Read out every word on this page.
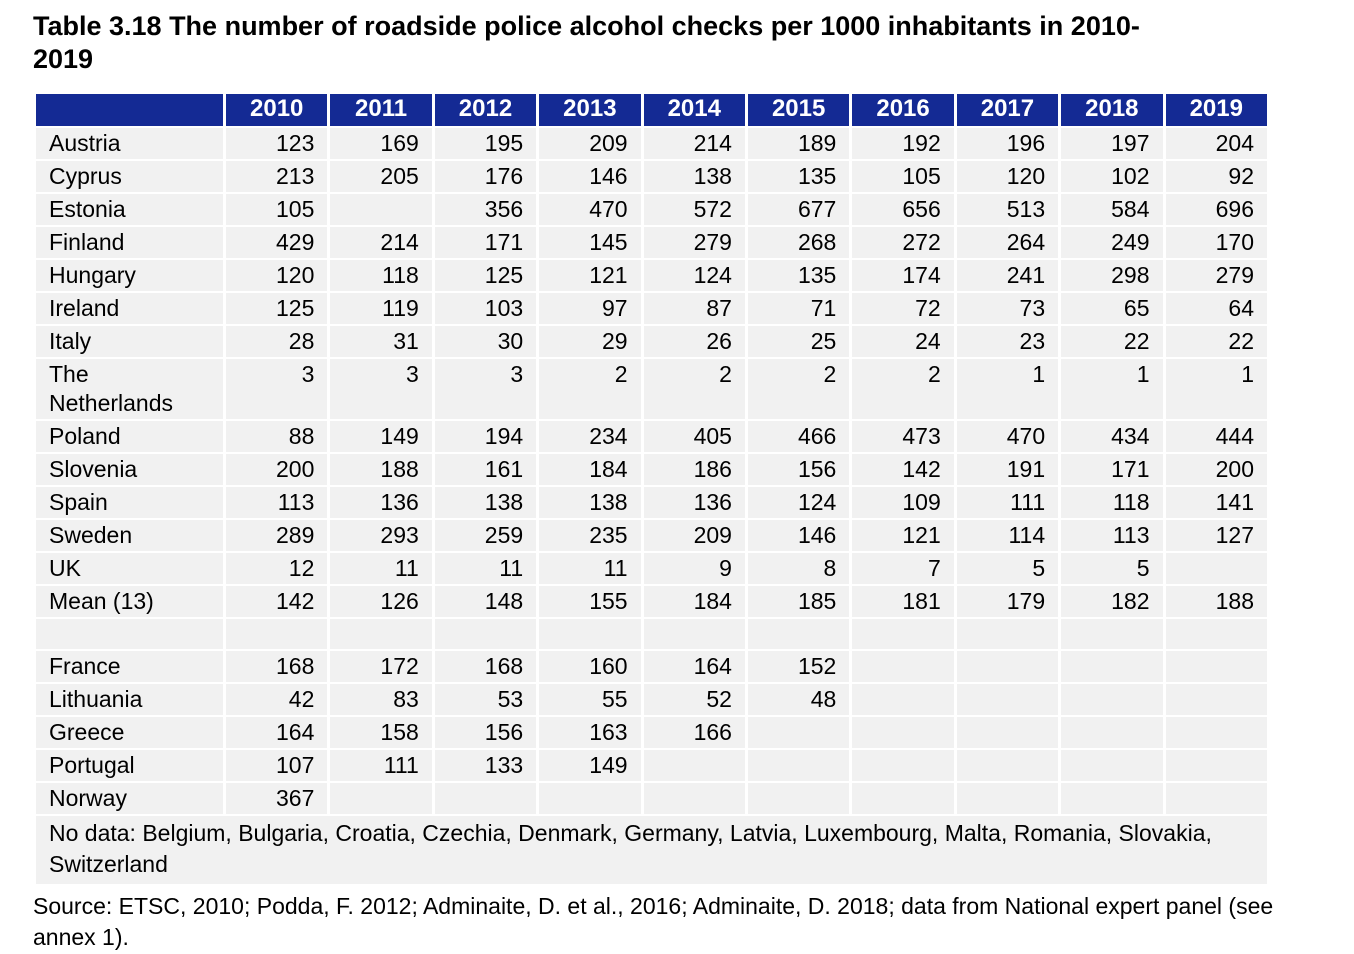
Table 3.18 The number of roadside police alcohol checks per 1000 inhabitants in 2010-
2019
	2010	2011	2012	2013	2014	2015	2016	2017	2018	2019
Austria	123	169	195	209	214	189	192	196	197	204
Cyprus	213	205	176	146	138	135	105	120	102	92
Estonia	105		356	470	572	677	656	513	584	696
Finland	429	214	171	145	279	268	272	264	249	170
Hungary	120	118	125	121	124	135	174	241	298	279
Ireland	125	119	103	97	87	71	72	73	65	64
Italy	28	31	30	29	26	25	24	23	22	22
The Netherlands	3	3	3	2	2	2	2	1	1	1
Poland	88	149	194	234	405	466	473	470	434	444
Slovenia	200	188	161	184	186	156	142	191	171	200
Spain	113	136	138	138	136	124	109	111	118	141
Sweden	289	293	259	235	209	146	121	114	113	127
UK	12	11	11	11	9	8	7	5	5	
Mean (13)	142	126	148	155	184	185	181	179	182	188

France	168	172	168	160	164	152				
Lithuania	42	83	53	55	52	48				
Greece	164	158	156	163	166					
Portugal	107	111	133	149						
Norway	367									
No data: Belgium, Bulgaria, Croatia, Czechia, Denmark, Germany, Latvia, Luxembourg, Malta, Romania, Slovakia, Switzerland										
Source: ETSC, 2010; Podda, F. 2012; Adminaite, D. et al., 2016; Adminaite, D. 2018; data from National expert panel (see annex 1).
